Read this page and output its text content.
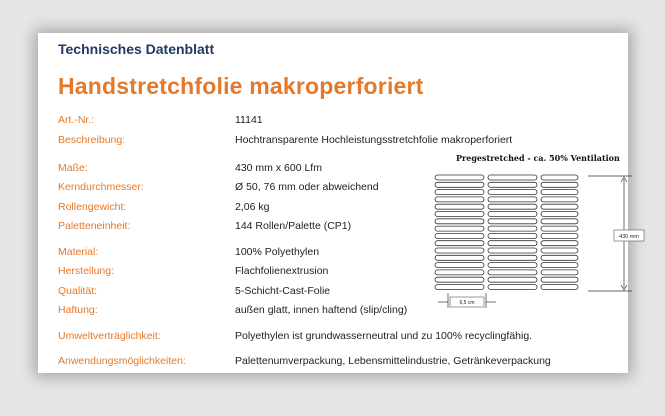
Technisches Datenblatt
Handstretchfolie makroperforiert
Art.-Nr.:	11141
Beschreibung:	Hochtransparente Hochleistungsstretchfolie makroperforiert
Maße:	430 mm x 600 Lfm
Kerndurchmesser:	Ø 50, 76 mm oder abweichend
Rollengewicht:	2,06 kg
Paletteneinheit:	144 Rollen/Palette (CP1)
Material:	100% Polyethylen
Herstellung:	Flachfolienextrusion
Qualität:	5-Schicht-Cast-Folie
Haftung:	außen glatt, innen haftend (slip/cling)
Umweltverträglichkeit:	Polyethylen ist grundwasserneutral und zu 100% recyclingfähig.
Anwendungsmöglichkeiten:	Palettenumverpackung, Lebensmittelindustrie, Getränkeverpackung
Pregestretched - ca. 50% Ventilation
430 mm
6,5 cm
